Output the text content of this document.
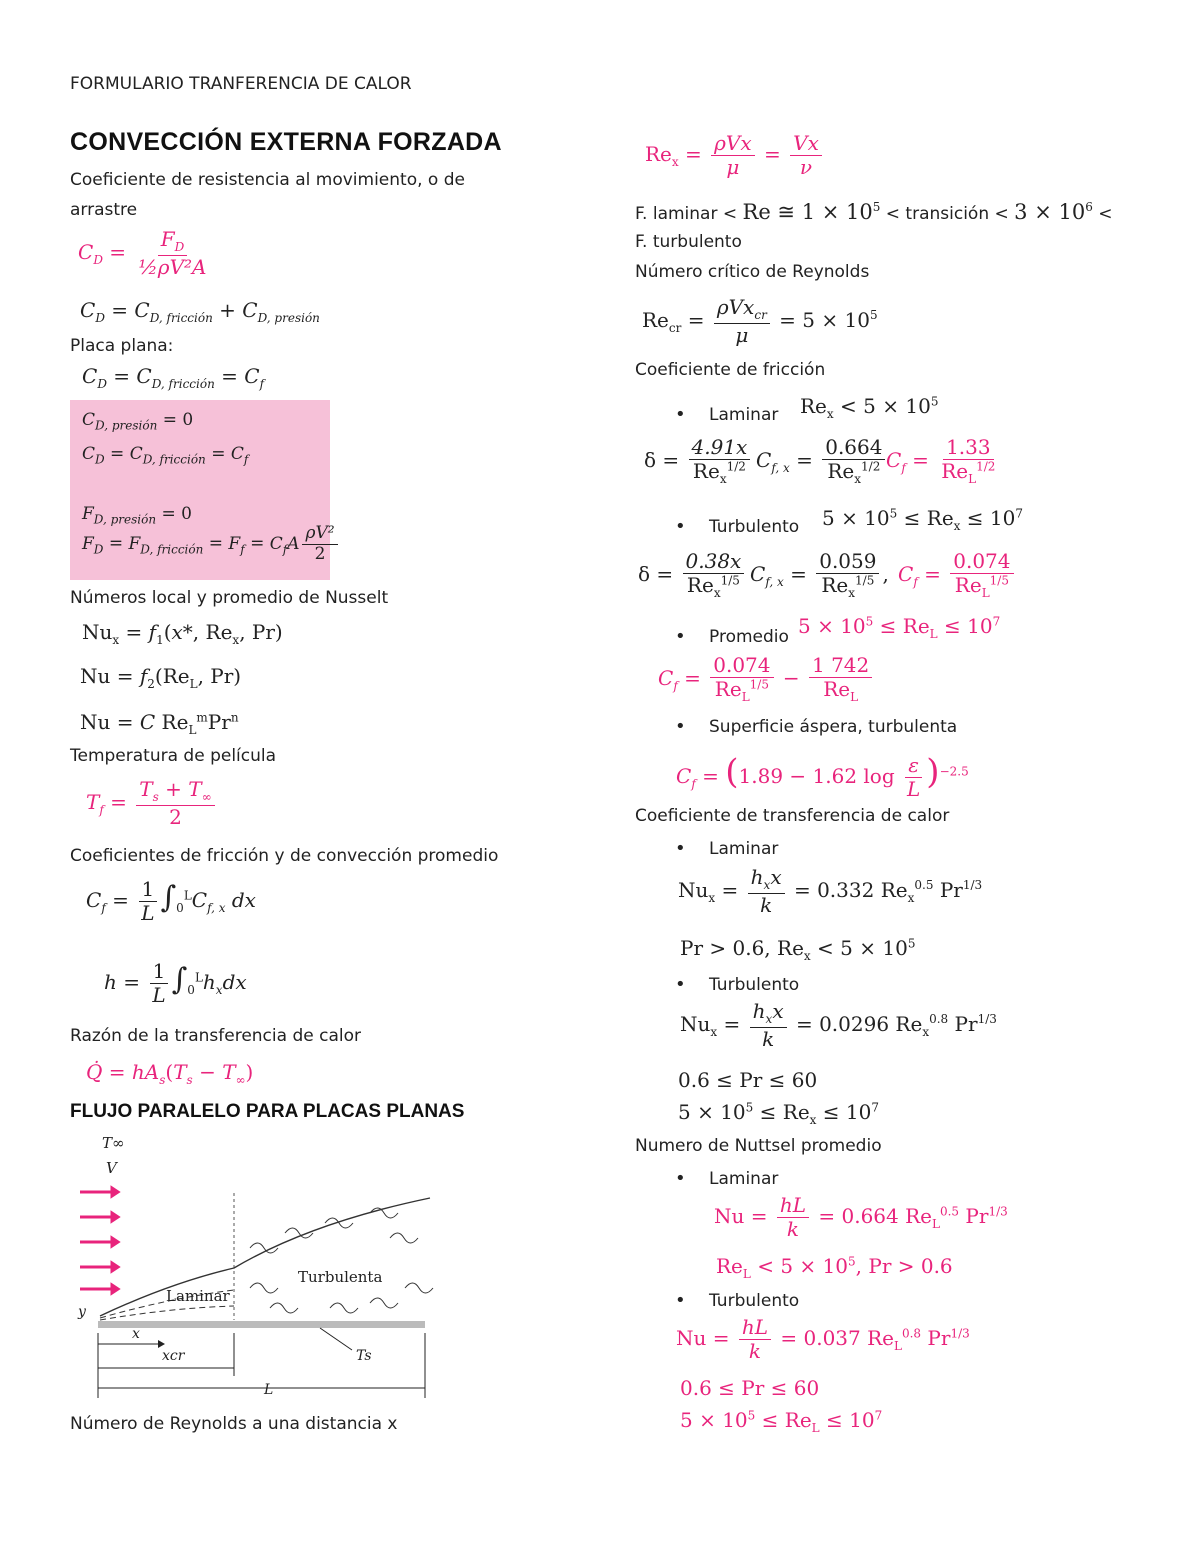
FORMULARIO TRANFERENCIA DE CALOR
CONVECCIÓN EXTERNA FORZADA
Coeficiente de resistencia al movimiento, o de
arrastre
$C_D = \frac{F_D}{\text{½ρV²A}}$
$C_D = C_{D, fricción} + C_{D, presión}$
Placa plana:
$C_D = C_{D, fricción} = C_f$
$C_{D, presión} = 0$
$C_D = C_{D, fricción} = C_f$
$F_{D, presión} = 0$
$F_D = F_{D, fricción} = F_f = C_fA \frac{\text{ρV²}}{2}$
Números local y promedio de Nusselt
$Nu_x = f_1(x*$, $Re_x$, Pr)
$Nu = f_2(Re_L$, Pr)
Nu = C $Re_L^mPr^n$
Temperatura de película
$T_f = \frac{T_s + T_\infty}{2}$
Coeficientes de fricción y de convección promedio
$C_f = \frac{1}{L} \int_0^LC_{f, x}$ dx
$h = \frac{1}{L} \int_0^Lh_xdx$
Razón de la transferencia de calor
Q̇ = $hA_s(T_s - T_\infty)$
FLUJO PARALELO PARA PLACAS PLANAS
T∞
V
Turbulenta
Laminar
y
x
xcr	Ts
L
Número de Reynolds a una distancia x
$Re_x = \frac{\text{ρVx}}{\mu} = \frac{Vx}{\nu}$
F. laminar < Re ≅ $1 \times 10^5$ < transición < $3 \times 10^6$ <
F. turbulento
Número crítico de Reynolds
$Re_{cr} = \frac{\rho Vx_{cr}}{\mu} = 5 \times 10^5$
Coeficiente de fricción
• Laminar $Re_x < 5 \times 10^5$
$\delta = \frac{4.91x}{Re_x^{1/2}} C_{f, x} = \frac{0.664}{Re_x^{1/2}} C_f = \frac{1.33}{Re_L^{1/2}}$
• Turbulento $5 \times 10^5 \le Re_x \le 10^7$
$\delta = \frac{0.38x}{Re_x^{1/5}} C_{f, x} = \frac{0.059}{Re_x^{1/5}}$ , $C_f = \frac{0.074}{Re_L^{1/5}}$
• Promedio $5 \times 10^5 \le Re_L \le 10^7$
$C_f = \frac{0.074}{Re_L^{1/5}} - \frac{1 742}{Re_L}$
• Superficie áspera, turbulenta
$C_f = (1.89 - 1.62$ $\log \frac{\varepsilon}{L} )^{-2.5}$
Coeficiente de transferencia de calor
• Laminar
$Nu_x = \frac{h_xx}{k} = 0.332$ $Re_x^{0.5}$ $Pr^{1/3}$
Pr > 0.6, $Re_x < 5 \times 10^5$
• Turbulento
$Nu_x = \frac{h_xx}{k} = 0.0296$ $Re_x^{0.8}$ $Pr^{1/3}$
0.6 ≤ Pr ≤ 60
$5 \times 10^5 \le Re_x \le 10^7$
Numero de Nuttsel promedio
• Laminar
$Nu = \frac{hL}{k} = 0.664$ $Re_L^{0.5}$ $Pr^{1/3}$
$Re_L < 5 \times 10^5$, Pr > 0.6
• Turbulento
$Nu = \frac{hL}{k} = 0.037$ $Re_L^{0.8}$ $Pr^{1/3}$
0.6 ≤ Pr ≤ 60
$5 \times 10^5 \le Re_L \le 10^7$
